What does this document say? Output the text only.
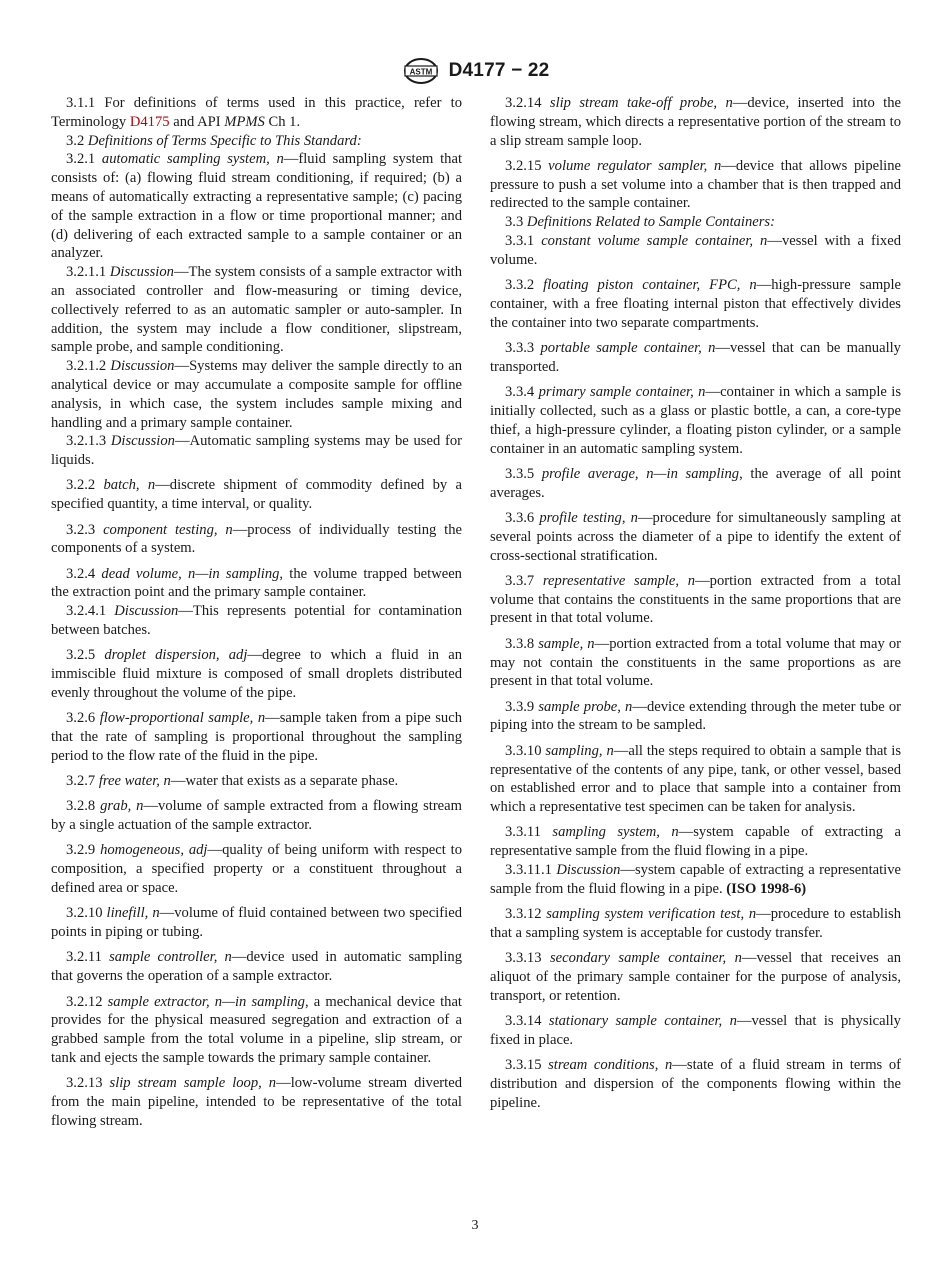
ASTM D4177 − 22

3.1.1 For definitions of terms used in this practice, refer to Terminology D4175 and API MPMS Ch 1.

3.2 Definitions of Terms Specific to This Standard:

3.2.1 automatic sampling system, n—fluid sampling system that consists of: (a) flowing fluid stream conditioning, if required; (b) a means of automatically extracting a representative sample; (c) pacing of the sample extraction in a flow or time proportional manner; and (d) delivering of each extracted sample to a sample container or an analyzer.

3.2.1.1 Discussion—The system consists of a sample extractor with an associated controller and flow-measuring or timing device, collectively referred to as an automatic sampler or auto-sampler. In addition, the system may include a flow conditioner, slipstream, sample probe, and sample conditioning.

3.2.1.2 Discussion—Systems may deliver the sample directly to an analytical device or may accumulate a composite sample for offline analysis, in which case, the system includes sample mixing and handling and a primary sample container.

3.2.1.3 Discussion—Automatic sampling systems may be used for liquids.

3.2.2 batch, n—discrete shipment of commodity defined by a specified quantity, a time interval, or quality.

3.2.3 component testing, n—process of individually testing the components of a system.

3.2.4 dead volume, n—in sampling, the volume trapped between the extraction point and the primary sample container.

3.2.4.1 Discussion—This represents potential for contamination between batches.

3.2.5 droplet dispersion, adj—degree to which a fluid in an immiscible fluid mixture is composed of small droplets distributed evenly throughout the volume of the pipe.

3.2.6 flow-proportional sample, n—sample taken from a pipe such that the rate of sampling is proportional throughout the sampling period to the flow rate of the fluid in the pipe.

3.2.7 free water, n—water that exists as a separate phase.

3.2.8 grab, n—volume of sample extracted from a flowing stream by a single actuation of the sample extractor.

3.2.9 homogeneous, adj—quality of being uniform with respect to composition, a specified property or a constituent throughout a defined area or space.

3.2.10 linefill, n—volume of fluid contained between two specified points in piping or tubing.

3.2.11 sample controller, n—device used in automatic sampling that governs the operation of a sample extractor.

3.2.12 sample extractor, n—in sampling, a mechanical device that provides for the physical measured segregation and extraction of a grabbed sample from the total volume in a pipeline, slip stream, or tank and ejects the sample towards the primary sample container.

3.2.13 slip stream sample loop, n—low-volume stream diverted from the main pipeline, intended to be representative of the total flowing stream.

3.2.14 slip stream take-off probe, n—device, inserted into the flowing stream, which directs a representative portion of the stream to a slip stream sample loop.

3.2.15 volume regulator sampler, n—device that allows pipeline pressure to push a set volume into a chamber that is then trapped and redirected to the sample container.

3.3 Definitions Related to Sample Containers:

3.3.1 constant volume sample container, n—vessel with a fixed volume.

3.3.2 floating piston container, FPC, n—high-pressure sample container, with a free floating internal piston that effectively divides the container into two separate compartments.

3.3.3 portable sample container, n—vessel that can be manually transported.

3.3.4 primary sample container, n—container in which a sample is initially collected, such as a glass or plastic bottle, a can, a core-type thief, a high-pressure cylinder, a floating piston cylinder, or a sample container in an automatic sampling system.

3.3.5 profile average, n—in sampling, the average of all point averages.

3.3.6 profile testing, n—procedure for simultaneously sampling at several points across the diameter of a pipe to identify the extent of cross-sectional stratification.

3.3.7 representative sample, n—portion extracted from a total volume that contains the constituents in the same proportions that are present in that total volume.

3.3.8 sample, n—portion extracted from a total volume that may or may not contain the constituents in the same proportions as are present in that total volume.

3.3.9 sample probe, n—device extending through the meter tube or piping into the stream to be sampled.

3.3.10 sampling, n—all the steps required to obtain a sample that is representative of the contents of any pipe, tank, or other vessel, based on established error and to place that sample into a container from which a representative test specimen can be taken for analysis.

3.3.11 sampling system, n—system capable of extracting a representative sample from the fluid flowing in a pipe.

3.3.11.1 Discussion—system capable of extracting a representative sample from the fluid flowing in a pipe. (ISO 1998-6)

3.3.12 sampling system verification test, n—procedure to establish that a sampling system is acceptable for custody transfer.

3.3.13 secondary sample container, n—vessel that receives an aliquot of the primary sample container for the purpose of analysis, transport, or retention.

3.3.14 stationary sample container, n—vessel that is physically fixed in place.

3.3.15 stream conditions, n—state of a fluid stream in terms of distribution and dispersion of the components flowing within the pipeline.

3
